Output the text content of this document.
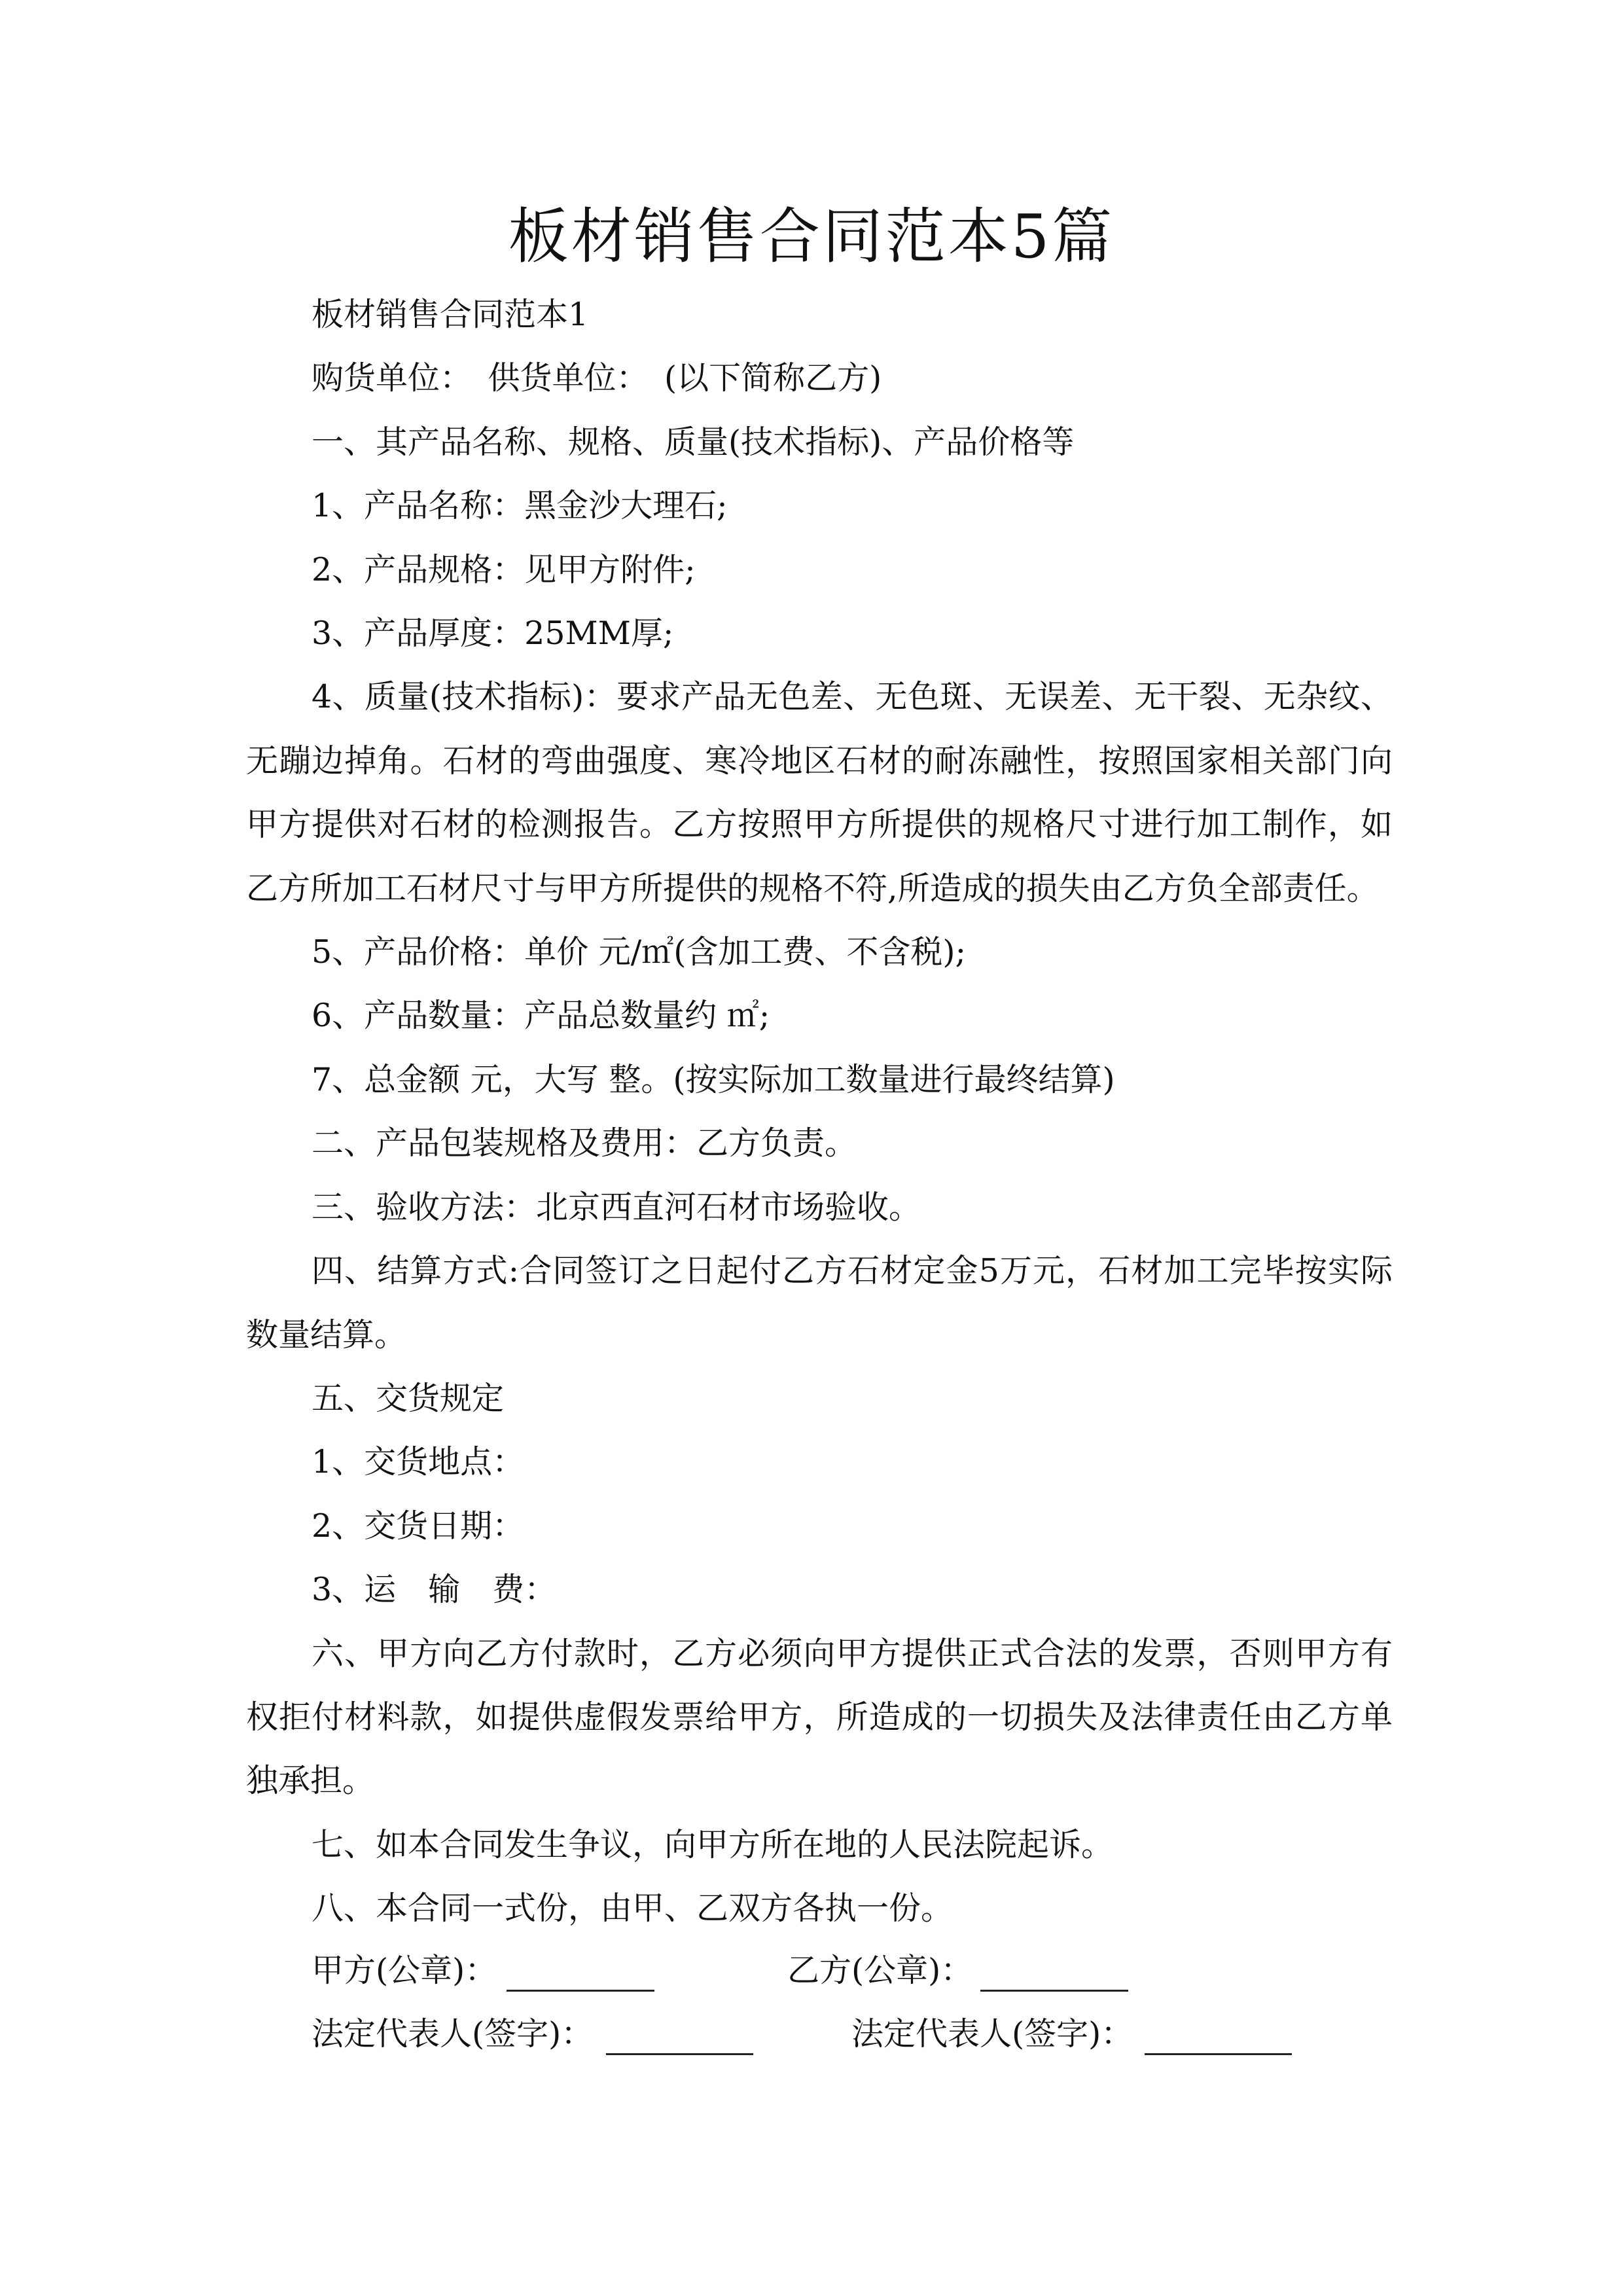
板材销售合同范本5篇

板材销售合同范本1

购货单位：　供货单位：　(以下简称乙方)

一、其产品名称、规格、质量(技术指标)、产品价格等

1、产品名称：黑金沙大理石;

2、产品规格：见甲方附件;

3、产品厚度：25MM厚;

4、质量(技术指标)：要求产品无色差、无色斑、无误差、无干裂、无杂纹、无蹦边掉角。石材的弯曲强度、寒冷地区石材的耐冻融性，按照国家相关部门向甲方提供对石材的检测报告。乙方按照甲方所提供的规格尺寸进行加工制作，如乙方所加工石材尺寸与甲方所提供的规格不符,所造成的损失由乙方负全部责任。

5、产品价格：单价 元/㎡(含加工费、不含税);

6、产品数量：产品总数量约 ㎡;

7、总金额 元，大写 整。(按实际加工数量进行最终结算)

二、产品包装规格及费用：乙方负责。

三、验收方法：北京西直河石材市场验收。

四、结算方式:合同签订之日起付乙方石材定金5万元，石材加工完毕按实际数量结算。

五、交货规定

1、交货地点：

2、交货日期：

3、运　输　费：

六、甲方向乙方付款时，乙方必须向甲方提供正式合法的发票，否则甲方有权拒付材料款，如提供虚假发票给甲方，所造成的一切损失及法律责任由乙方单独承担。

七、如本合同发生争议，向甲方所在地的人民法院起诉。

八、本合同一式份，由甲、乙双方各执一份。

甲方(公章)：	乙方(公章)：
法定代表人(签字)：	法定代表人(签字)：
